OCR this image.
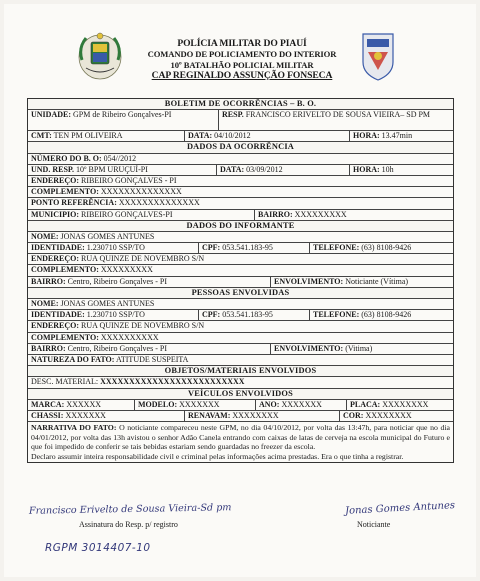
POLÍCIA MILITAR DO PIAUÍ
COMANDO DE POLICIAMENTO DO INTERIOR
10º BATALHÃO POLICIAL MILITAR
CAP REGINALDO ASSUNÇÃO FONSECA
BOLETIM DE OCORRÊNCIAS – B. O.
UNIDADE: GPM de Ribeiro Gonçalves-PI	RESP. FRANCISCO ERIVELTO DE SOUSA VIEIRA– SD PM
CMT: TEN PM OLIVEIRA	DATA: 04/10/2012	HORA: 13.47min
DADOS DA OCORRÊNCIA
NÚMERO DO B. O: 054//2012
UND. RESP. 10º BPM URUÇUÍ-PI	DATA: 03/09/2012	HORA: 10h
ENDEREÇO: RIBEIRO GONÇALVES - PI
COMPLEMENTO: XXXXXXXXXXXXXX
PONTO REFERÊNCIA: XXXXXXXXXXXXXX
MUNICIPIO: RIBEIRO GONÇALVES-PI	BAIRRO: XXXXXXXXX
DADOS DO INFORMANTE
NOME: JONAS GOMES ANTUNES
IDENTIDADE: 1.230710 SSP/TO	CPF: 053.541.183-95	TELEFONE: (63) 8108-9426
ENDEREÇO: RUA QUINZE DE NOVEMBRO S/N
COMPLEMENTO: XXXXXXXXX
BAIRRO: Centro, Ribeiro Gonçalves - PI	ENVOLVIMENTO: Noticiante (Vítima)
PESSOAS ENVOLVIDAS
NOME: JONAS GOMES ANTUNES
IDENTIDADE: 1.230710 SSP/TO	CPF: 053.541.183-95	TELEFONE: (63) 8108-9426
ENDEREÇO: RUA QUINZE DE NOVEMBRO S/N
COMPLEMENTO: XXXXXXXXXX
BAIRRO: Centro, Ribeiro Gonçalves - PI	ENVOLVIMENTO: (Vitima)
NATUREZA DO FATO: ATITUDE SUSPEITA
OBJETOS/MATERIAIS ENVOLVIDOS
DESC. MATERIAL: XXXXXXXXXXXXXXXXXXXXXXXXX
VEÍCULOS ENVOLVIDOS
MARCA: XXXXXX	MODELO: XXXXXXX	ANO: XXXXXXX	PLACA: XXXXXXXX
CHASSI: XXXXXXX	RENAVAM: XXXXXXXX	COR: XXXXXXXX

NARRATIVA DO FATO: O noticiante compareceu neste GPM, no dia 04/10/2012, por volta das 13:47h, para noticiar que no dia 04/01/2012, por volta das 13h avistou o senhor Adão Canela entrando com caixas de latas de cerveja na escola municipal do Futuro e que foi impedido de conferir se tais bebidas estariam sendo guardadas no freezer da escola.

Declaro assumir inteira responsabilidade civil e criminal pelas informações acima prestadas. Era o que tinha a registrar.

Francisco Erivelto de Sousa Vieira-Sd pm
Assinatura do Resp. p/ registro
Jonas Gomes Antunes
Noticiante
RGPM 3014407-10
